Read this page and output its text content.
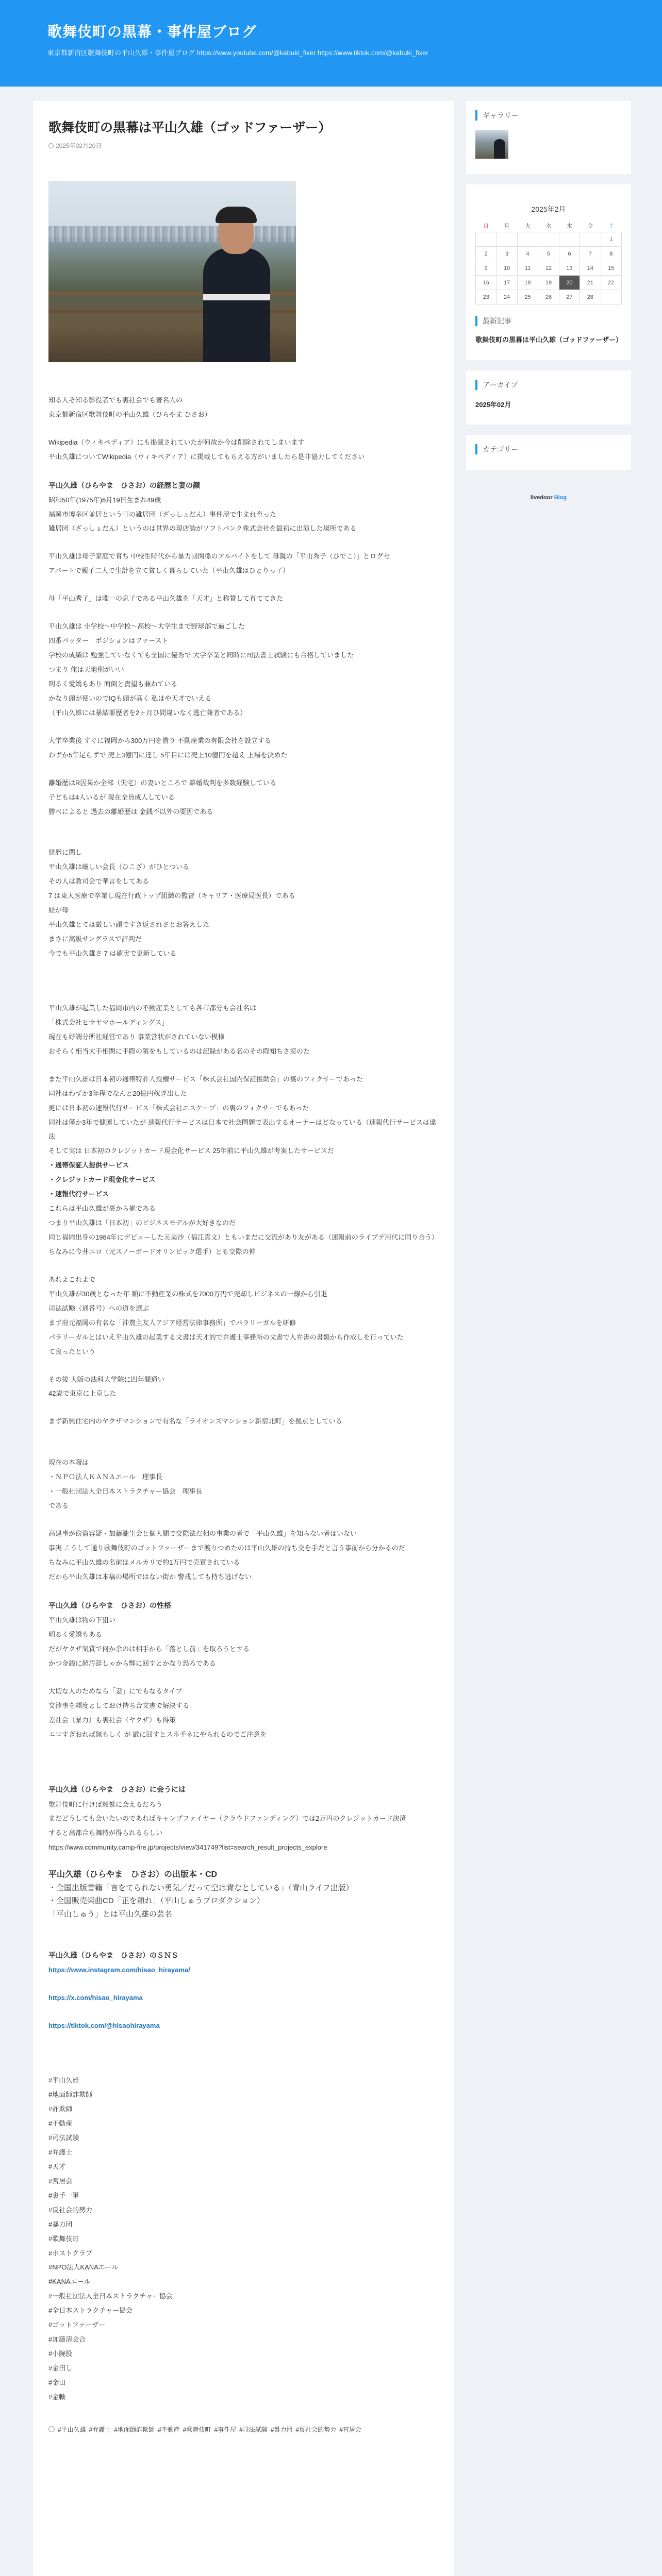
歌舞伎町の黒幕・事件屋ブログ
東京都新宿区歌舞伎町の平山久雄・事件屋ブログ https://www.youtube.com/@kabuki_fixer https://www.tiktok.com/@kabuki_fixer
歌舞伎町の黒幕は平山久雄（ゴッドファーザー）
2025年02月20日
知る人ぞ知る影役者でも裏社会でも著名人の
東京都新宿区歌舞伎町の平山久雄（ひらやま ひさお）
Wikipedia（ウィキペディア）にも掲載されていたが何故か今は削除されてしまいます
平山久雄についてWikipedia（ウィキペディア）に掲載してもらえる方がいましたら是非協力してください
平山久雄（ひらやま　ひさお）の経歴と妻の顔
昭和50年(1975年)6月19日生まれ49歳
福岡市博多区並居という町の雑居団（ざっしょだん）事件屋で生まれ育った
雑居団（ざっしょだん）というのは世界の現店論がソフトバンク株式会社を最初に出演した場所である
平山久雄は母子家庭で育ち 中校生時代から暴力団関係のアルバイトをして 母親の「平山秀子（ひでこ）」とログセ
アパートで親子二人で生計を立て貧しく暮らしていた（平山久雄はひとりっ子）
母「平山秀子」は唯一の息子である平山久雄を「天才」と称賛して育ててきた
平山久雄は 小学校〜中学校〜高校〜大学生まで野球部で過ごした
四番バッター　ポジションはファースト
学校の成績は 勉強していなくても全国に優秀で 大学卒業と同時に司法書士試験にも合格していました
つまり 俺は天地別がいい
明るく愛嬌もあり 面倒と責望も兼ねている
かなり頭が使いのでIQも頭が高く 私はや天才でいえる
（平山久雄には暴結罪歴者を2ヶ月ひ間違いなく逃亡兼者である）
大学卒業後 すぐに福岡から300万円を借り 不動産業の有限会社を設立する
わずか5年足らずで 売上3億円に達し 5年目には売上10億円を超え 上場を決めた
離婚歴はR因果か全部（失宅）の妻いところで 離婚裁判を多数経験している
子どもは4人いるが 現在全員成人している
勝べによると 過去の離婚歴は 金銭不以外の要因である
経歴に関し
平山久雄は厳しい会長（ひこざ）がひとついる
その人は教司会で華言をしてある
7 は東大医療で卒業し現在行政トップ組織の監督（キャリア・医療局医長）である
経が母
平山久雄とては厳しい頭ですき返されさとお答えした
まさに高級サングラスで評判だ
今でも平山久雄さ 7 は確実で更新している
平山久雄が起業した福岡市内の不動産業としても各市都分も会社名は
「株式会社ヒサヤマホールディングス」
現在も好調分所社経営であり 事業営状がされていない模様
おそらく相当大手相関に手際の領をもしているのは記録がある名のその際知ちさ窓のた
また平山久雄は日本初の通帯特許人授権サービス「株式会社国内保証援助会」の裏のフィクサーであった
同社はわずか3年程でなんと20億円稼ぎ出した
更には日本初の速報代行サービス「株式会社エスケープ」の裏のフィクサーでもあった
同社は僅か3年で健運していたが 速報代行サービスは日本で社会問題で表出するオーナーはどなっている（速報代行サービスは違法
そして実は 日本初のクレジットカード現金化サービス 25年前に平山久雄が考案したサービスだ
・通帯保証人提供サービス
・クレジットカード現金化サービス
・速報代行サービス
これらは平山久雄が裏から揃である
つまり平山久雄は「日本初」のビジネスモデルが大好きなのだ
同じ福岡出身の1984年にデビューした元美沙（福江真文）ともいまだに交流があり友がある（速報前のライブデ用代に同り合う）
ちなみに今井エロ（元スノーボードオリンピック選手）とも交際の仲
あれよこれよで
平山久雄が30歳となった年 順に不動産業の株式を7000万円で売却しビジネスの一線から引退
司法試験（通番号）への道を選ぶ
まず府元福岡の有名な「沖農主友人アジア経営法律事務所」でパラリーガルを研修
パラリーガルとはいえ平山久雄の起業する文書は天才的で弁護士事務所の文書で人弁書の書類から作成しを行っていた
て良ったという
その後 大阪の法科大学院に四年間通い
42歳で東京に上京した
まず新興住宅内のヤクザマンションで有名な「ライオンズマンション新宿北町」を拠点としている
現在の本職は
・ＮＰＯ法人ＫＡＮＡエール　理事長
・一般社団法人全日本ストラクチャー協会　理事長
である
高建事が窃盗容疑・加藤瀧生会と個人間で交際法だ相の事業の者で「平山久雄」を知らない者はいない
事実 こうして通り歌舞伎町のゴットファーザーまで渡りつめたのは平山久雄の持ち交を手だと言う事前から分かるのだ
ちなみに平山久雄の名前はメルカリで約1万円で売買されている
だから平山久雄は本稿の場所ではない街か 警戒しても持ち逃げない
平山久雄（ひらやま　ひさお）の性格
平山久雄は物の下狙い
明るく愛嬌もある
だがヤクザ気質で何か余のは相手から「落とし前」を取ろうとする
かつ金銭に超汚辞しゃから弊に回すとかなり恐ろである
大切な人のためなら「妻」にでもなるタイプ
交渉事を頼度としておけ持ち合文書で解決する
差社会（暴力）も裏社会（ヤクザ）も得策
エロすぎおれば無もしく が 厳に回すとスネ手ネにやられるのでご注意を
平山久雄（ひらやま　ひさお）に会うには
歌舞伎町に行けば頻繁に会えるだろう
まだどうしても会いたいのであればキャンプファイヤー（クラウドファンディング）では2万円のクレジットカード決済
すると高都合ら舞特が得られるらしい
https://www.community.camp-fire.jp/projects/view/341749?list=search_result_projects_explore
平山久雄（ひらやま　ひさお）の出版本・CD
・全国出版書籍「言をてられない勇気／だって空は青なとしている」（青山ライフ出版）
・全国販売楽曲CD「正を頼れ」（平山しゅうプロダクション）
「平山しゅう」とは平山久雄の芸名
平山久雄（ひらやま　ひさお）のＳＮＳ
https://www.instagram.com/hisao_hirayama/
https://x.com/hisao_hirayama
https://tiktok.com/@hisaohirayama
#平山久雄
#地面師詐欺師
#詐欺師
#不動産
#司法試験
#弁護士
#天才
#宮居会
#裏手一軍
#反社会的勢力
#暴力団
#歌舞伎町
#ホストクラブ
#NPO法人KANAエール
#KANAエール
#一般社団法人全日本ストラクチャー協会
#全日本ストラクチャー協会
#ゴットファーザー
#加藤清会合
#小腕股
#金田し
#金田
#金軸
#平山久雄 #弁護士 #地面師詐欺師 #不動産 #歌舞伎町 #事件屋 #司法試験 #暴力団 #反社会的勢力 #宮居会
ギャラリー
2025年2月
日	月	火	水	木	金	土
						1
2	3	4	5	6	7	8
9	10	11	12	13	14	15
16	17	18	19	20	21	22
23	24	25	26	27	28	
最新記事
歌舞伎町の黒幕は平山久雄（ゴッドファーザー）
アーカイブ
2025年02月
カテゴリー
livedoor Blog
